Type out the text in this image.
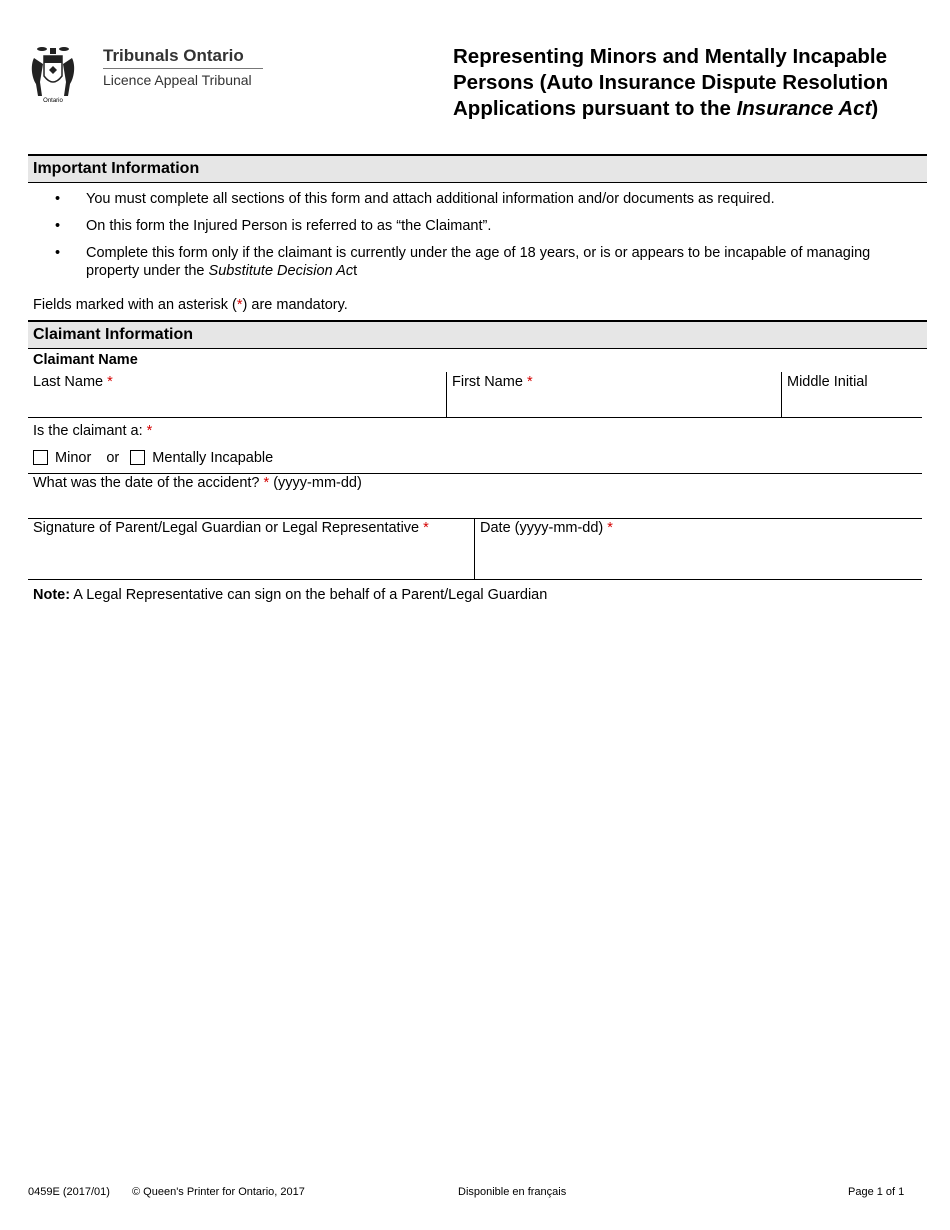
Ontario
Tribunals Ontario
Licence Appeal Tribunal
Representing Minors and Mentally Incapable
Persons (Auto Insurance Dispute Resolution
Applications pursuant to the Insurance Act)
Important Information
• You must complete all sections of this form and attach additional information and/or documents as required.
• On this form the Injured Person is referred to as “the Claimant”.
• Complete this form only if the claimant is currently under the age of 18 years, or is or appears to be incapable of managing property under the Substitute Decision Act
Fields marked with an asterisk (*) are mandatory.
Claimant Information
Claimant Name
Last Name *	First Name *	Middle Initial
Is the claimant a: *
Minor or Mentally Incapable
What was the date of the accident? * (yyyy-mm-dd)
Signature of Parent/Legal Guardian or Legal Representative *	Date (yyyy-mm-dd) *
Note: A Legal Representative can sign on the behalf of a Parent/Legal Guardian
0459E (2017/01) © Queen's Printer for Ontario, 2017	Disponible en français	Page 1 of 1
